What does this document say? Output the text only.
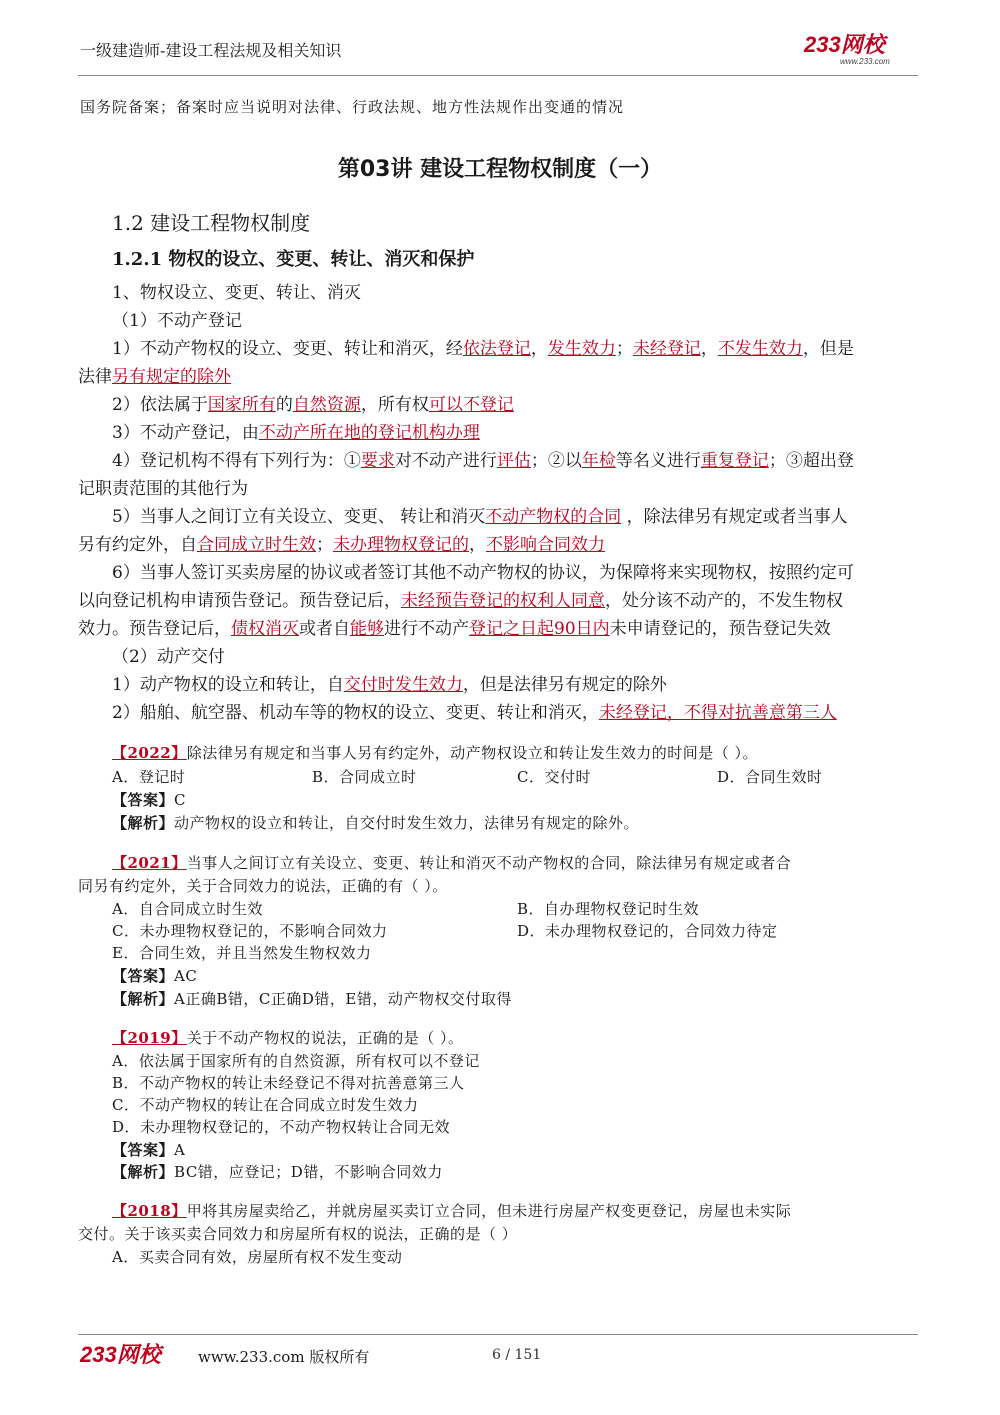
一级建造师-建设工程法规及相关知识	233网校
www.233.com
国务院备案；备案时应当说明对法律、行政法规、地方性法规作出变通的情况
第03讲 建设工程物权制度（一）
1.2 建设工程物权制度
1.2.1 物权的设立、变更、转让、消灭和保护
1、物权设立、变更、转让、消灭
（1）不动产登记
1）不动产物权的设立、变更、转让和消灭，经依法登记，发生效力；未经登记，不发生效力，但是
法律另有规定的除外
2）依法属于国家所有的自然资源，所有权可以不登记
3）不动产登记，由不动产所在地的登记机构办理
4）登记机构不得有下列行为：①要求对不动产进行评估；②以年检等名义进行重复登记；③超出登
记职责范围的其他行为
5）当事人之间订立有关设立、变更、 转让和消灭不动产物权的合同 ，除法律另有规定或者当事人
另有约定外，自合同成立时生效；未办理物权登记的，不影响合同效力
6）当事人签订买卖房屋的协议或者签订其他不动产物权的协议，为保障将来实现物权，按照约定可
以向登记机构申请预告登记。预告登记后，未经预告登记的权利人同意，处分该不动产的，不发生物权
效力。预告登记后，债权消灭或者自能够进行不动产登记之日起90日内未申请登记的，预告登记失效
（2）动产交付
1）动产物权的设立和转让，自交付时发生效力，但是法律另有规定的除外
2）船舶、航空器、机动车等的物权的设立、变更、转让和消灭，未经登记，不得对抗善意第三人
【2022】除法律另有规定和当事人另有约定外，动产物权设立和转让发生效力的时间是（ ）。
A．登记时	B．合同成立时	C．交付时	D．合同生效时
【答案】C
【解析】动产物权的设立和转让，自交付时发生效力，法律另有规定的除外。
【2021】当事人之间订立有关设立、变更、转让和消灭不动产物权的合同，除法律另有规定或者合
同另有约定外，关于合同效力的说法，正确的有（ ）。
A．自合同成立时生效	B．自办理物权登记时生效
C．未办理物权登记的，不影响合同效力	D．未办理物权登记的，合同效力待定
E．合同生效，并且当然发生物权效力
【答案】AC
【解析】A正确B错，C正确D错，E错，动产物权交付取得
【2019】关于不动产物权的说法，正确的是（ ）。
A．依法属于国家所有的自然资源，所有权可以不登记
B．不动产物权的转让未经登记不得对抗善意第三人
C．不动产物权的转让在合同成立时发生效力
D．未办理物权登记的，不动产物权转让合同无效
【答案】A
【解析】BC错，应登记；D错，不影响合同效力
【2018】甲将其房屋卖给乙，并就房屋买卖订立合同，但未进行房屋产权变更登记，房屋也未实际
交付。关于该买卖合同效力和房屋所有权的说法，正确的是（ ）
A．买卖合同有效，房屋所有权不发生变动
233网校 www.233.com 版权所有	6 / 151
